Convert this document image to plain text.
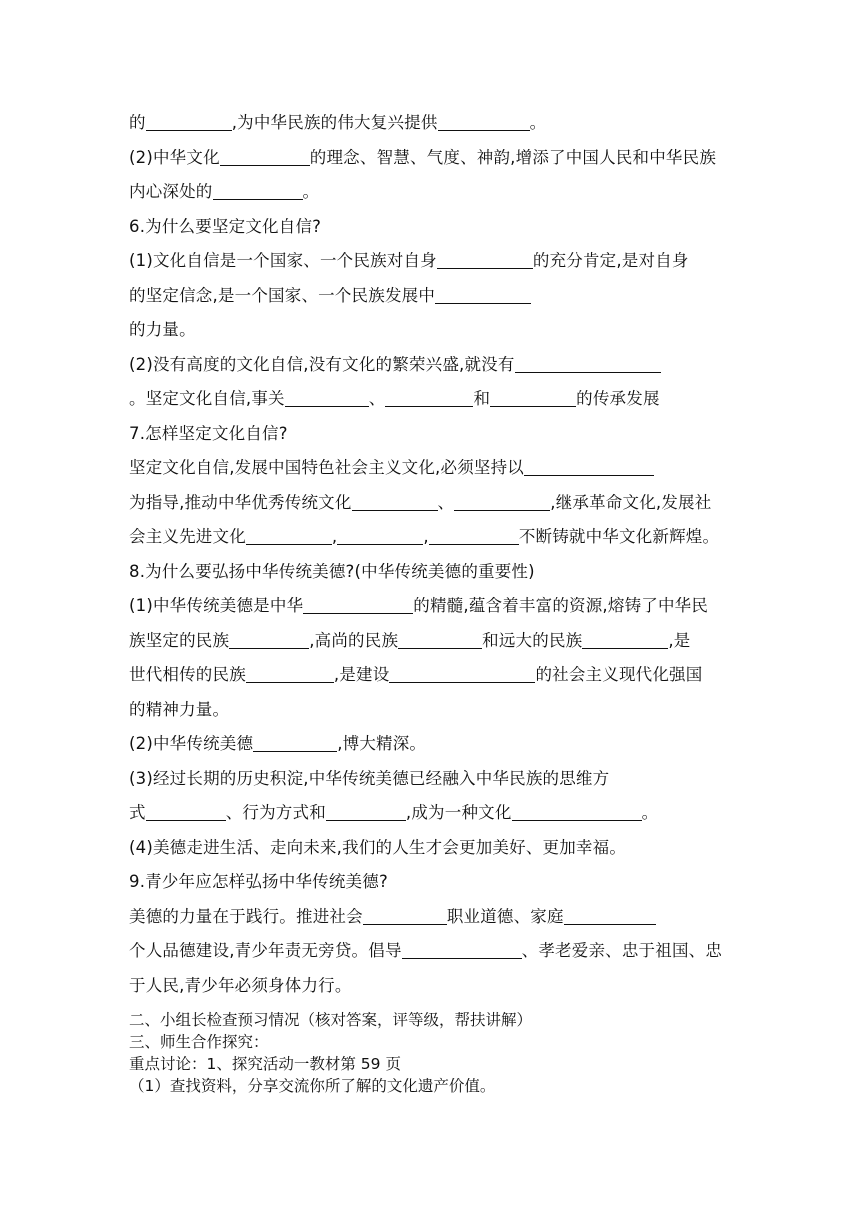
的	,为中华民族的伟大复兴提供	。
(2)中华文化	的理念、智慧、气度、神韵,增添了中国人民和中华民族
内心深处的	。
6.为什么要坚定文化自信?
(1)文化自信是一个国家、一个民族对自身	的充分肯定,是对自身
的坚定信念,是一个国家、一个民族发展中
的力量。
(2)没有高度的文化自信,没有文化的繁荣兴盛,就没有
。坚定文化自信,事关	、	和	的传承发展
7.怎样坚定文化自信?
坚定文化自信,发展中国特色社会主义文化,必须坚持以
为指导,推动中华优秀传统文化	、	,继承革命文化,发展社
会主义先进文化	,	,	不断铸就中华文化新辉煌。
8.为什么要弘扬中华传统美德?(中华传统美德的重要性)
(1)中华传统美德是中华	的精髓,蕴含着丰富的资源,熔铸了中华民
族坚定的民族	,高尚的民族	和远大的民族	,是
世代相传的民族	,是建设	的社会主义现代化强国
的精神力量。
(2)中华传统美德	,博大精深。
(3)经过长期的历史积淀,中华传统美德已经融入中华民族的思维方
式	、行为方式和	,成为一种文化	。
(4)美德走进生活、走向未来,我们的人生才会更加美好、更加幸福。
9.青少年应怎样弘扬中华传统美德?
美德的力量在于践行。推进社会	职业道德、家庭
个人品德建设,青少年责无旁贷。倡导	、孝老爱亲、忠于祖国、忠
于人民,青少年必须身体力行。
二、小组长检查预习情况（核对答案，评等级，帮扶讲解）
三、师生合作探究：
重点讨论：1、探究活动一教材第 59 页
（1）查找资料，分享交流你所了解的文化遗产价值。
